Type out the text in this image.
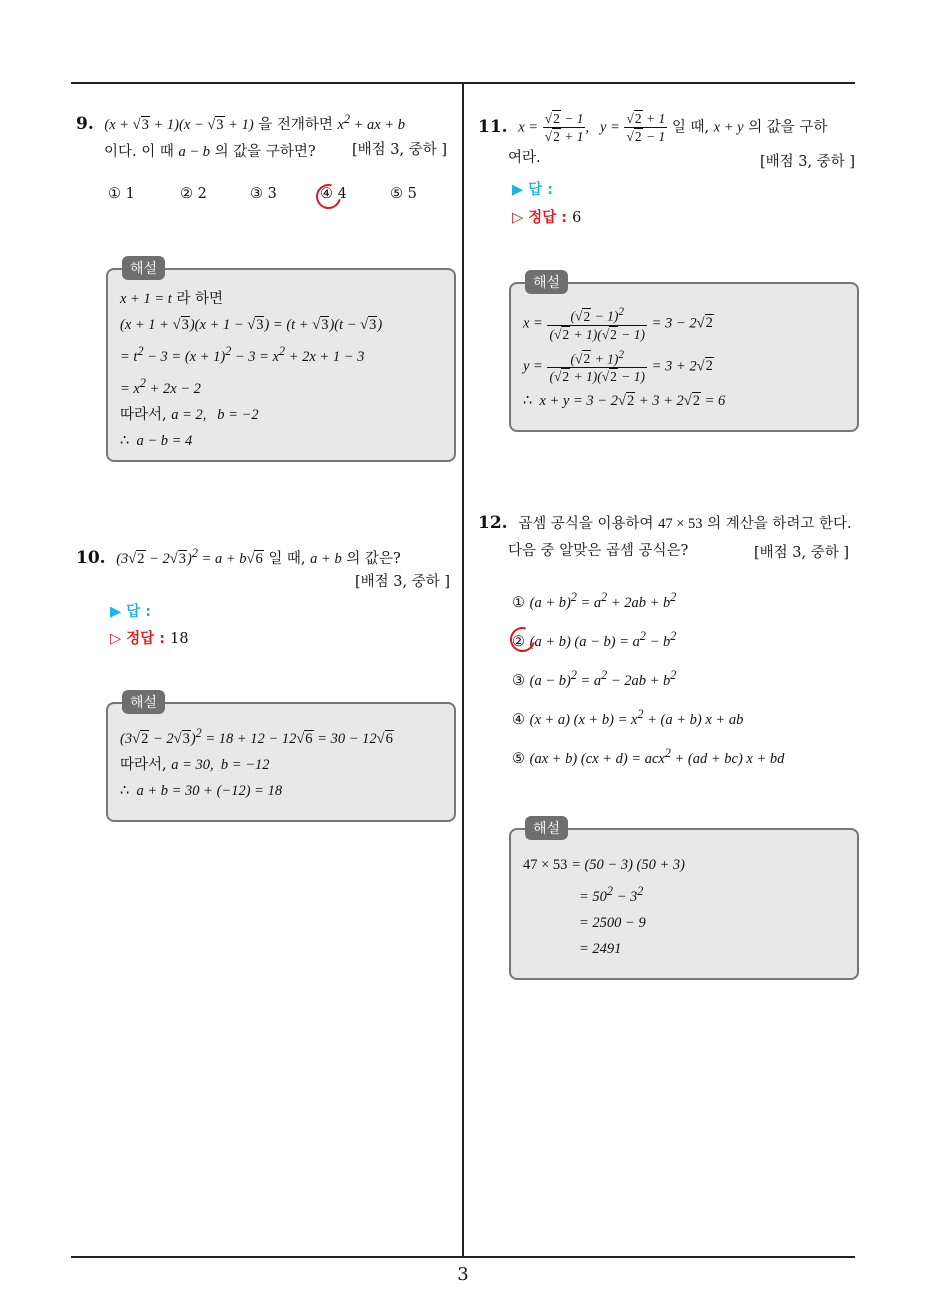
9. (x + √3 + 1)(x − √3 + 1) 을 전개하면 $x^2$ + ax + b
이다. 이 때 a − b 의 값을 구하면?	[배점 3, 중하 ]
① 1	② 2	③ 3	④ 4	⑤ 5
해설
x + 1 = t 라 하면
(x + 1 + √3)(x + 1 − √3) = (t + √3)(t − √3)
= $t^2 - 3 = (x + 1)^2 - 3 = x^2 + 2x + 1 - 3$
= $x^2 + 2x - 2$
따라서, a = 2,   b = −2
∴  a − b = 4
10. $(3√2 - 2√3)^2 = a + b√6$ 일 때, a + b 의 값은?
[배점 3, 중하 ]
▶ 답 :
▷ 정답 : 18
해설
$(3√2 - 2√3)^2 = 18 + 12 - 12√6 = 30 - 12√6$
따라서, a = 30,  b = −12
∴  a + b = 30 + (−12) = 18
11. $x = \frac{√2 - 1}{√2 + 1}$ ,   $y = \frac{√2 + 1}{√2 - 1}$ 일 때, x + y 의 값을 구하
여라.	[배점 3, 중하 ]
▶ 답 :
▷ 정답 : 6
해설
$x = \frac{(√2 - 1)^2}{(√2 + 1)(√2 - 1)} = 3 - 2√2$
$y = \frac{(√2 + 1)^2}{(√2 + 1)(√2 - 1)} = 3 + 2√2$
∴  x + y = 3 − 2√2 + 3 + 2√2 = 6
12. 곱셈 공식을 이용하여 47 × 53 의 계산을 하려고 한다.
다음 중 알맞은 곱셈 공식은?	[배점 3, 중하 ]
① $(a + b)^2 = a^2 + 2ab + b^2$
② (a + b) $(a - b) = a^2 - b^2$
③ $(a - b)^2 = a^2 - 2ab + b^2$
④ (x + a) $(x + b) = x^2 + (a + b) x$ + ab
⑤ (ax + b) (cx + d) = acx$^2$ + (ad + bc) x + bd
해설
47 × 53 = (50 − 3) (50 + 3)
= $50^2 - 3^2$
= 2500 − 9
= 2491
3
